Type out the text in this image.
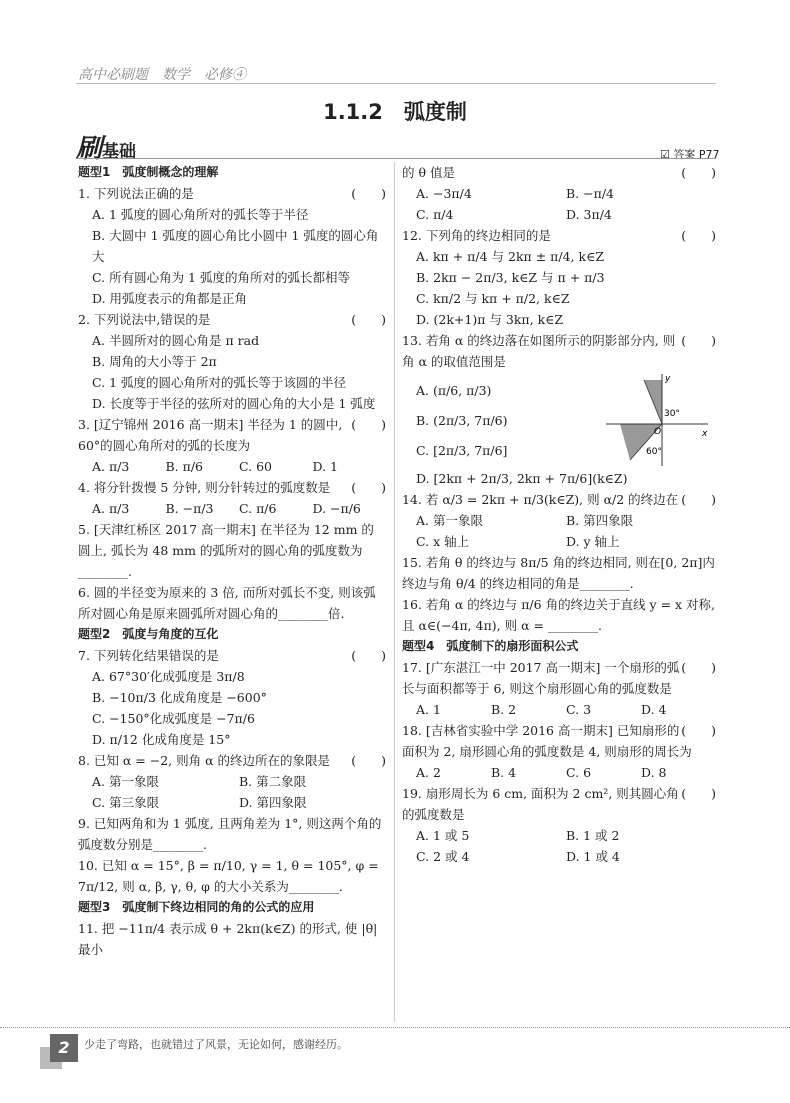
高中必刷题　数学　必修④
1.1.2　弧度制
刷基础	☑ 答案 P77
题型1　弧度制概念的理解
(　　)
1. 下列说法正确的是
A. 1 弧度的圆心角所对的弧长等于半径
B. 大圆中 1 弧度的圆心角比小圆中 1 弧度的圆心角大
C. 所有圆心角为 1 弧度的角所对的弧长都相等
D. 用弧度表示的角都是正角
(　　)
2. 下列说法中,错误的是
A. 半圆所对的圆心角是 π rad
B. 周角的大小等于 2π
C. 1 弧度的圆心角所对的弧长等于该圆的半径
D. 长度等于半径的弦所对的圆心角的大小是 1 弧度
(　　)
3. [辽宁锦州 2016 高一期末] 半径为 1 的圆中, 60°的圆心角所对的弧的长度为
A. π/3	B. π/6	C. 60	D. 1
(　　)
4. 将分针拨慢 5 分钟, 则分针转过的弧度数是
A. π/3	B. −π/3	C. π/6	D. −π/6
5. [天津红桥区 2017 高一期末] 在半径为 12 mm 的圆上, 弧长为 48 mm 的弧所对的圆心角的弧度数为________.
6. 圆的半径变为原来的 3 倍, 而所对弧长不变, 则该弧所对圆心角是原来圆弧所对圆心角的________倍.
题型2　弧度与角度的互化
(　　)
7. 下列转化结果错误的是
A. 67°30′化成弧度是 3π/8
B. −10π/3 化成角度是 −600°
C. −150°化成弧度是 −7π/6
D. π/12 化成角度是 15°
(　　)
8. 已知 α = −2, 则角 α 的终边所在的象限是
A. 第一象限	B. 第二象限
C. 第三象限	D. 第四象限
9. 已知两角和为 1 弧度, 且两角差为 1°, 则这两个角的弧度数分别是________.
10. 已知 α = 15°, β = π/10, γ = 1, θ = 105°, φ = 7π/12, 则 α, β, γ, θ, φ 的大小关系为________.
题型3　弧度制下终边相同的角的公式的应用
11. 把 −11π/4 表示成 θ + 2kπ(k∈Z) 的形式, 使 |θ| 最小
(　　)
的 θ 值是
A. −3π/4	B. −π/4
C. π/4	D. 3π/4
(　　)
12. 下列角的终边相同的是
A. kπ + π/4 与 2kπ ± π/4, k∈Z
B. 2kπ − 2π/3, k∈Z 与 π + π/3
C. kπ/2 与 kπ + π/2, k∈Z
D. (2k+1)π 与 3kπ, k∈Z
(　　)
13. 若角 α 的终边落在如图所示的阴影部分内, 则角 α 的取值范围是
A. (π/6, π/3)
B. (2π/3, 7π/6)
C. [2π/3, 7π/6]
30°
60°
x
y
O
D. [2kπ + 2π/3, 2kπ + 7π/6](k∈Z)
(　　)
14. 若 α/3 = 2kπ + π/3(k∈Z), 则 α/2 的终边在
A. 第一象限	B. 第四象限
C. x 轴上	D. y 轴上
15. 若角 θ 的终边与 8π/5 角的终边相同, 则在[0, 2π]内终边与角 θ/4 的终边相同的角是________.
16. 若角 α 的终边与 π/6 角的终边关于直线 y = x 对称, 且 α∈(−4π, 4π), 则 α = ________.
题型4　弧度制下的扇形面积公式
(　　)
17. [广东湛江一中 2017 高一期末] 一个扇形的弧长与面积都等于 6, 则这个扇形圆心角的弧度数是
A. 1	B. 2	C. 3	D. 4
(　　)
18. [吉林省实验中学 2016 高一期末] 已知扇形的面积为 2, 扇形圆心角的弧度数是 4, 则扇形的周长为
A. 2	B. 4	C. 6	D. 8
(　　)
19. 扇形周长为 6 cm, 面积为 2 cm², 则其圆心角的弧度数是
A. 1 或 5	B. 1 或 2
C. 2 或 4	D. 1 或 4
2	少走了弯路，也就错过了风景，无论如何，感谢经历。
